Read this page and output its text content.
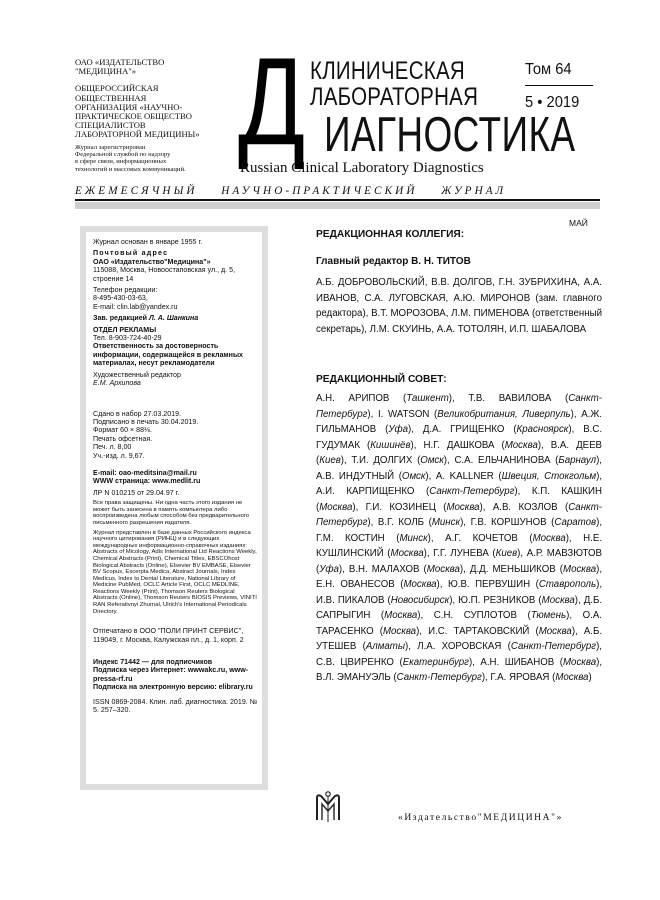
ОАО «ИЗДАТЕЛЬСТВО
"МЕДИЦИНА"»
ОБЩЕРОССИЙСКАЯ
ОБЩЕСТВЕННАЯ
ОРГАНИЗАЦИЯ «НАУЧНО-
ПРАКТИЧЕСКОЕ ОБЩЕСТВО
СПЕЦИАЛИСТОВ
ЛАБОРАТОРНОЙ МЕДИЦИНЫ»
Журнал зарегистрирован
Федеральной службой по надзору
в сфере связи, информационных
технологий и массовых коммуникаций. Д КЛИНИЧЕСКАЯ
ЛАБОРАТОРНАЯ
ИАГНОСТИКА
Russian Clinical Laboratory Diagnostics
Том 64
5 • 2019
ЕЖЕМЕСЯЧНЫЙ    НАУЧНО-ПРАКТИЧЕСКИЙ    ЖУРНАЛ
МАЙ
Журнал основан в январе 1955 г.
Почтовый адрес
ОАО «Издательство"Медицина"»
115088, Москва, Новоостаповская ул., д. 5, строение 14
Телефон редакции:
8-495-430-03-63,
E-mail: clin.lab@yandex.ru
Зав. редакцией Л. А. Шанкина
ОТДЕЛ РЕКЛАМЫ
Тел. 8-903-724-40-29
Ответственность за достоверность информации, содержащейся в рекламных материалах, несут рекламодатели
Художественный редактор
Е.М. Архипова
Сдано в набор 27.03.2019.
Подписано в печать 30.04.2019.
Формат 60 × 88⅛.
Печать офсетная.
Печ. л. 8,00
Уч.-изд. л. 9,67.
E-mail: oao-meditsina@mail.ru
WWW страница: www.medlit.ru
ЛР N 010215 от 29.04.97 г.
Все права защищены. Ни одна часть этого издания не может быть занесена в память компьютера либо воспроизведена любым способом без предварительного письменного разрешения издателя.
Журнал представлен в базе данных Российского индекса научного цитирования (РИНЦ) и в следующих международных информационно-справочных изданиях: Abstracts of Micology, Adis International Ltd Reactions Weekly, Chemical Abstracts (Print), Chemical Titles, EBSCOhost Biological Abstracts (Online), Elsevier BV EMBASE, Elsevier BV Scopus, Excerpta Medica, Abstract Journals, Index Medicus, Index to Dental Literature, National Library of Medicine PubMed, OCLC Article First, OCLC MEDLINE, Reactions Weekly (Print), Thomson Reuters Biological Abstracts (Online), Thomson Reuters BIOSIS Previews, VINITI RAN Referativnyi Zhurnal, Ulrich's International Periodicals Directory.
Отпечатано в ООО "ПОЛИ ПРИНТ СЕРВИС", 119049, г. Москва, Калужская пл., д. 1, корп. 2
Индекс 71442 — для подписчиков
Подписка через Интернет: wwwakc.ru, www-pressa-rf.ru
Подписка на электронную версию: elibrary.ru
ISSN 0869-2084. Клин. лаб. диагностика. 2019. № 5. 257–320.
РЕДАКЦИОННАЯ КОЛЛЕГИЯ:
Главный редактор В. Н. ТИТОВ
А.Б. ДОБРОВОЛЬСКИЙ, В.В. ДОЛГОВ, Г.Н. ЗУБРИХИНА, А.А. ИВАНОВ, С.А. ЛУГОВСКАЯ, А.Ю. МИРОНОВ (зам. главного редактора), В.Т. МОРОЗОВА, Л.М. ПИМЕНОВА (ответственный секретарь), Л.М. СКУИНЬ, А.А. ТОТОЛЯН, И.П. ШАБАЛОВА
РЕДАКЦИОННЫЙ СОВЕТ:
А.Н. АРИПОВ (Ташкент), Т.В. ВАВИЛОВА (Санкт-Петербург), I. WATSON (Великобритания, Ливерпуль), А.Ж. ГИЛЬМАНОВ (Уфа), Д.А. ГРИЩЕНКО (Красноярск), В.С. ГУДУМАК (Кишинёв), Н.Г. ДАШКОВА (Москва), В.А. ДЕЕВ (Киев), Т.И. ДОЛГИХ (Омск), С.А. ЕЛЬЧАНИНОВА (Барнаул), А.В. ИНДУТНЫЙ (Омск), A. KALLNER (Швеция, Стокгольм), А.И. КАРПИЩЕНКО (Санкт-Петербург), К.П. КАШКИН (Москва), Г.И. КОЗИНЕЦ (Москва), А.В. КОЗЛОВ (Санкт-Петербург), В.Г. КОЛБ (Минск), Г.В. КОРШУНОВ (Саратов), Г.М. КОСТИН (Минск), А.Г. КОЧЕТОВ (Москва), Н.Е. КУШЛИНСКИЙ (Москва), Г.Г. ЛУНЕВА (Киев), А.Р. МАВЗЮТОВ (Уфа), В.Н. МАЛАХОВ (Москва), Д.Д. МЕНЬШИКОВ (Москва), Е.Н. ОВАНЕСОВ (Москва), Ю.В. ПЕРВУШИН (Ставрополь), И.В. ПИКАЛОВ (Новосибирск), Ю.П. РЕЗНИКОВ (Москва), Д.Б. САПРЫГИН (Москва), С.Н. СУПЛОТОВ (Тюмень), О.А. ТАРАСЕНКО (Москва), И.С. ТАРТАКОВСКИЙ (Москва), А.Б. УТЕШЕВ (Алматы), Л.А. ХОРОВСКАЯ (Санкт-Петербург), С.В. ЦВИРЕНКО (Екатеринбург), А.Н. ШИБАНОВ (Москва), В.Л. ЭМАНУЭЛЬ (Санкт-Петербург), Г.А. ЯРОВАЯ (Москва)
«Издательство"МЕДИЦИНА"»
